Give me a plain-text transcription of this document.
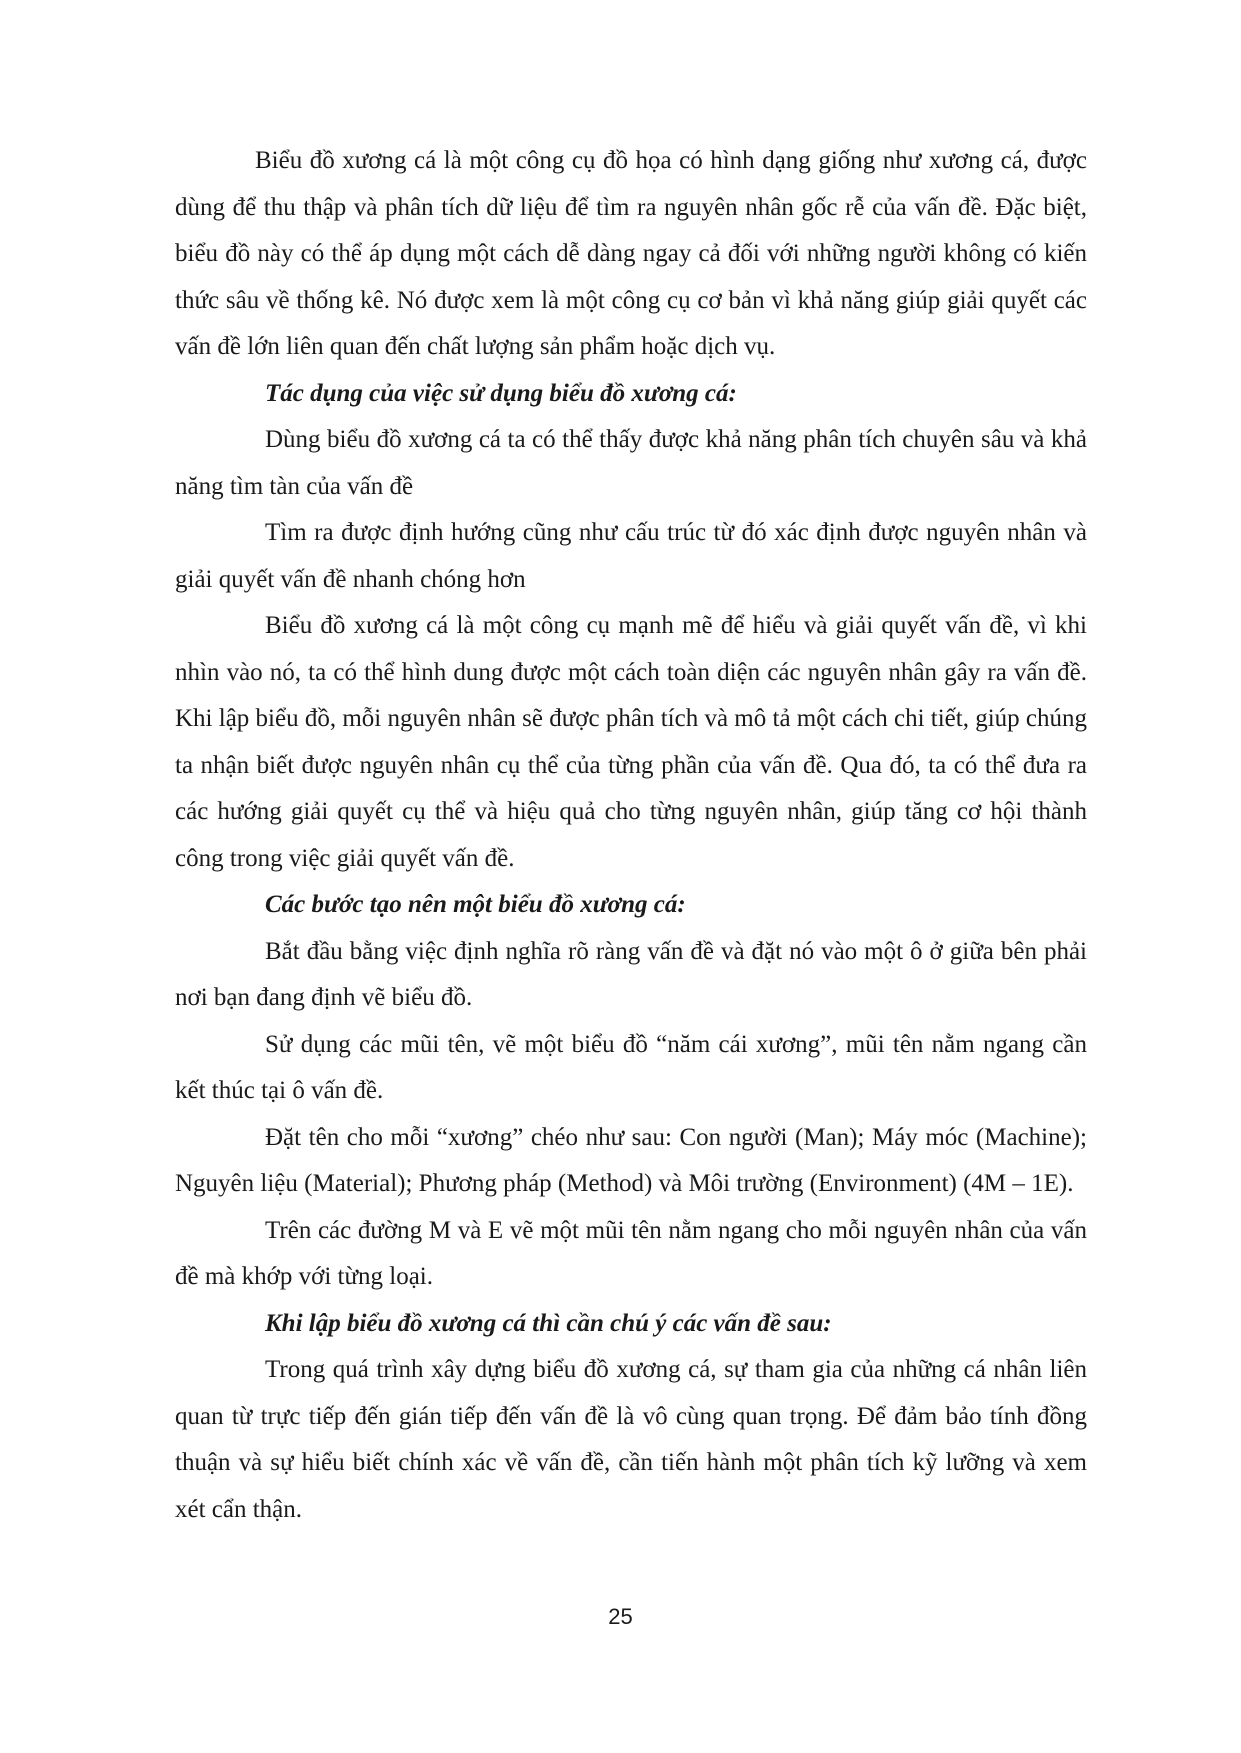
Biểu đồ xương cá là một công cụ đồ họa có hình dạng giống như xương cá, được dùng để thu thập và phân tích dữ liệu để tìm ra nguyên nhân gốc rễ của vấn đề. Đặc biệt, biểu đồ này có thể áp dụng một cách dễ dàng ngay cả đối với những người không có kiến thức sâu về thống kê. Nó được xem là một công cụ cơ bản vì khả năng giúp giải quyết các vấn đề lớn liên quan đến chất lượng sản phẩm hoặc dịch vụ.

Tác dụng của việc sử dụng biểu đồ xương cá:

Dùng biểu đồ xương cá ta có thể thấy được khả năng phân tích chuyên sâu và khả năng tìm tàn của vấn đề

Tìm ra được định hướng cũng như cấu trúc từ đó xác định được nguyên nhân và giải quyết vấn đề nhanh chóng hơn

Biểu đồ xương cá là một công cụ mạnh mẽ để hiểu và giải quyết vấn đề, vì khi nhìn vào nó, ta có thể hình dung được một cách toàn diện các nguyên nhân gây ra vấn đề. Khi lập biểu đồ, mỗi nguyên nhân sẽ được phân tích và mô tả một cách chi tiết, giúp chúng ta nhận biết được nguyên nhân cụ thể của từng phần của vấn đề. Qua đó, ta có thể đưa ra các hướng giải quyết cụ thể và hiệu quả cho từng nguyên nhân, giúp tăng cơ hội thành công trong việc giải quyết vấn đề.

Các bước tạo nên một biểu đồ xương cá:

Bắt đầu bằng việc định nghĩa rõ ràng vấn đề và đặt nó vào một ô ở giữa bên phải nơi bạn đang định vẽ biểu đồ.

Sử dụng các mũi tên, vẽ một biểu đồ “năm cái xương”, mũi tên nằm ngang cần kết thúc tại ô vấn đề.

Đặt tên cho mỗi “xương” chéo như sau: Con người (Man); Máy móc (Machine); Nguyên liệu (Material); Phương pháp (Method) và Môi trường (Environment) (4M – 1E).

Trên các đường M và E vẽ một mũi tên nằm ngang cho mỗi nguyên nhân của vấn đề mà khớp với từng loại.

Khi lập biểu đồ xương cá thì cần chú ý các vấn đề sau:

Trong quá trình xây dựng biểu đồ xương cá, sự tham gia của những cá nhân liên quan từ trực tiếp đến gián tiếp đến vấn đề là vô cùng quan trọng. Để đảm bảo tính đồng thuận và sự hiểu biết chính xác về vấn đề, cần tiến hành một phân tích kỹ lưỡng và xem xét cẩn thận.

25
